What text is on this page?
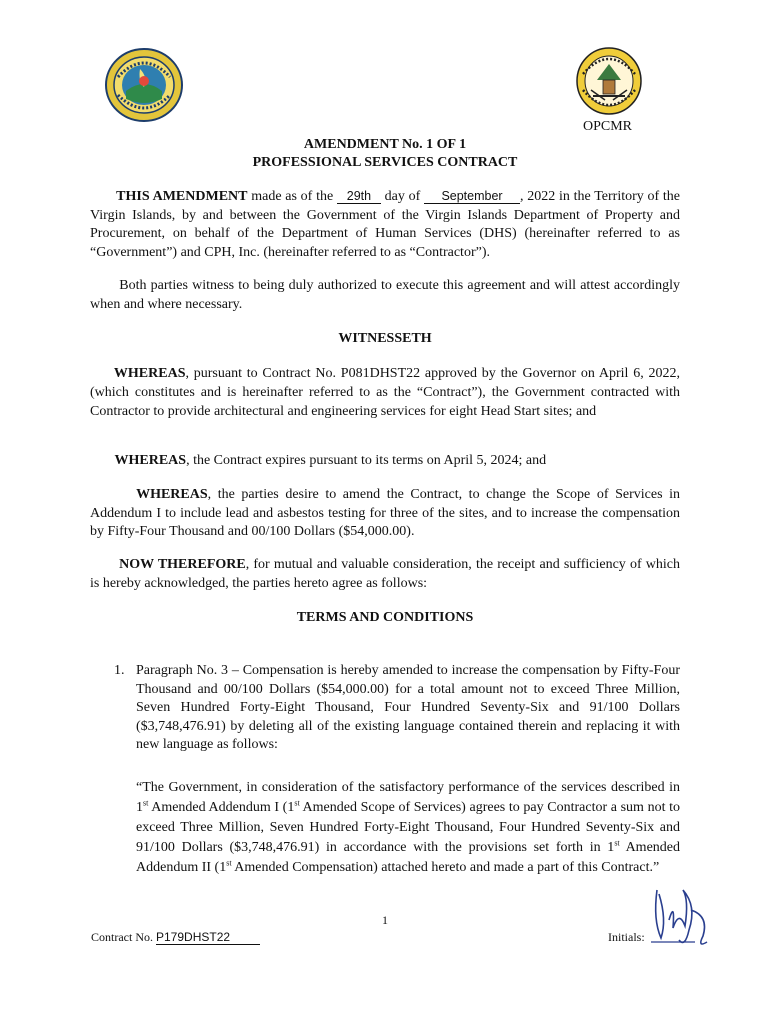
OPCMR
AMENDMENT No. 1 OF 1
PROFESSIONAL SERVICES CONTRACT

THIS AMENDMENT made as of the 29th day of September , 2022 in the Territory of the Virgin Islands, by and between the Government of the Virgin Islands Department of Property and Procurement, on behalf of the Department of Human Services (DHS) (hereinafter referred to as “Government”) and CPH, Inc. (hereinafter referred to as “Contractor”).

Both parties witness to being duly authorized to execute this agreement and will attest accordingly when and where necessary.

WITNESSETH

WHEREAS, pursuant to Contract No. P081DHST22 approved by the Governor on April 6, 2022, (which constitutes and is hereinafter referred to as the “Contract”), the Government contracted with Contractor to provide architectural and engineering services for eight Head Start sites; and

WHEREAS, the Contract expires pursuant to its terms on April 5, 2024; and

WHEREAS, the parties desire to amend the Contract, to change the Scope of Services in Addendum I to include lead and asbestos testing for three of the sites, and to increase the compensation by Fifty-Four Thousand and 00/100 Dollars ($54,000.00).

NOW THEREFORE, for mutual and valuable consideration, the receipt and sufficiency of which is hereby acknowledged, the parties hereto agree as follows:

TERMS AND CONDITIONS
1. Paragraph No. 3 – Compensation is hereby amended to increase the compensation by Fifty-Four Thousand and 00/100 Dollars ($54,000.00) for a total amount not to exceed Three Million, Seven Hundred Forty-Eight Thousand, Four Hundred Seventy-Six and 91/100 Dollars ($3,748,476.91) by deleting all of the existing language contained therein and replacing it with new language as follows:

“The Government, in consideration of the satisfactory performance of the services described in 1st Amended Addendum I (1st Amended Scope of Services) agrees to pay Contractor a sum not to exceed Three Million, Seven Hundred Forty-Eight Thousand, Four Hundred Seventy-Six and 91/100 Dollars ($3,748,476.91) in accordance with the provisions set forth in 1st Amended Addendum II (1st Amended Compensation) attached hereto and made a part of this Contract.”

1
Contract No. P179DHST22	Initials:
